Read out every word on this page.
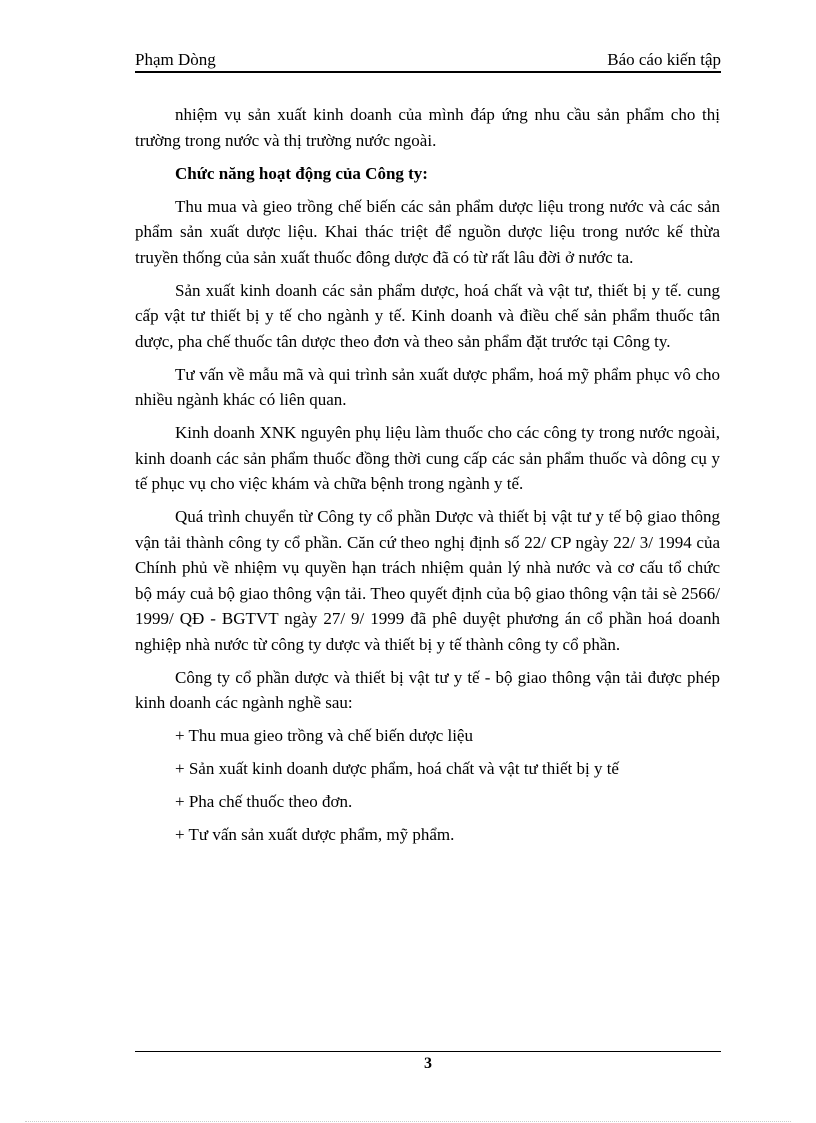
Phạm Dòng	Báo cáo kiến tập

nhiệm vụ sản xuất kinh doanh của mình đáp ứng nhu cầu sản phẩm cho thị trường trong nước và thị trường nước ngoài.

Chức năng hoạt động của Công ty:

Thu mua và gieo trồng chế biến các sản phẩm dược liệu trong nước và các sản phẩm sản xuất dược liệu. Khai thác triệt để nguồn dược liệu trong nước kế thừa truyền thống của sản xuất thuốc đông dược đã có từ rất lâu đời ở nước ta.

Sản xuất kinh doanh các sản phẩm dược, hoá chất và vật tư, thiết bị y tế. cung cấp vật tư thiết bị y tế cho ngành y tế. Kinh doanh và điều chế sản phẩm thuốc tân dược, pha chế thuốc tân dược theo đơn và theo sản phẩm đặt trước tại Công ty.

Tư vấn về mẫu mã và qui trình sản xuất dược phẩm, hoá mỹ phẩm phục vô cho nhiều ngành khác có liên quan.

Kinh doanh XNK nguyên phụ liệu làm thuốc cho các công ty trong nước ngoài, kinh doanh các sản phẩm thuốc đồng thời cung cấp các sản phẩm thuốc và dông cụ y tế phục vụ cho việc khám và chữa bệnh trong ngành y tế.

Quá trình chuyển từ Công ty cổ phần Dược và thiết bị vật tư y tế bộ giao thông vận tải thành công ty cổ phần. Căn cứ theo nghị định số 22/ CP ngày 22/ 3/ 1994 của Chính phủ về nhiệm vụ quyền hạn trách nhiệm quản lý nhà nước và cơ cấu tổ chức bộ máy cuả bộ giao thông vận tải. Theo quyết định của bộ giao thông vận tải sè 2566/ 1999/ QĐ - BGTVT ngày 27/ 9/ 1999 đã phê duyệt phương án cổ phần hoá doanh nghiệp nhà nước từ công ty dược và thiết bị y tế thành công ty cổ phần.

Công ty cổ phần dược và thiết bị vật tư y tế - bộ giao thông vận tải được phép kinh doanh các ngành nghề sau:

+ Thu mua gieo trồng và chế biến dược liệu

+ Sản xuất kinh doanh dược phẩm, hoá chất và vật tư thiết bị y tế

+ Pha chế thuốc theo đơn.

+ Tư vấn sản xuất dược phẩm, mỹ phẩm.

3
